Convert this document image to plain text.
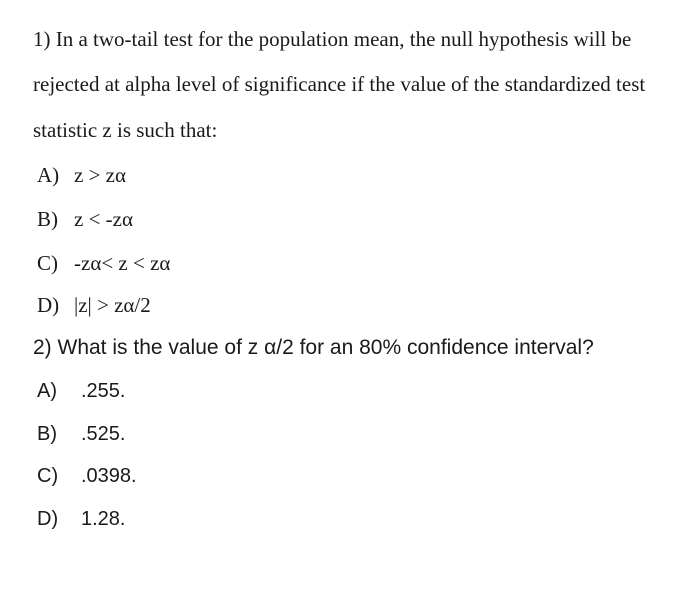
1) In a two-tail test for the population mean, the null hypothesis will be
rejected at alpha level of significance if the value of the standardized test
statistic z is such that:
A) z > zα
B) z < -zα
C) -zα< z < zα
D) |z| > zα/2
2) What is the value of z α/2 for an 80% confidence interval?
A)	.255.
B)	.525.
C)	.0398.
D)	1.28.
